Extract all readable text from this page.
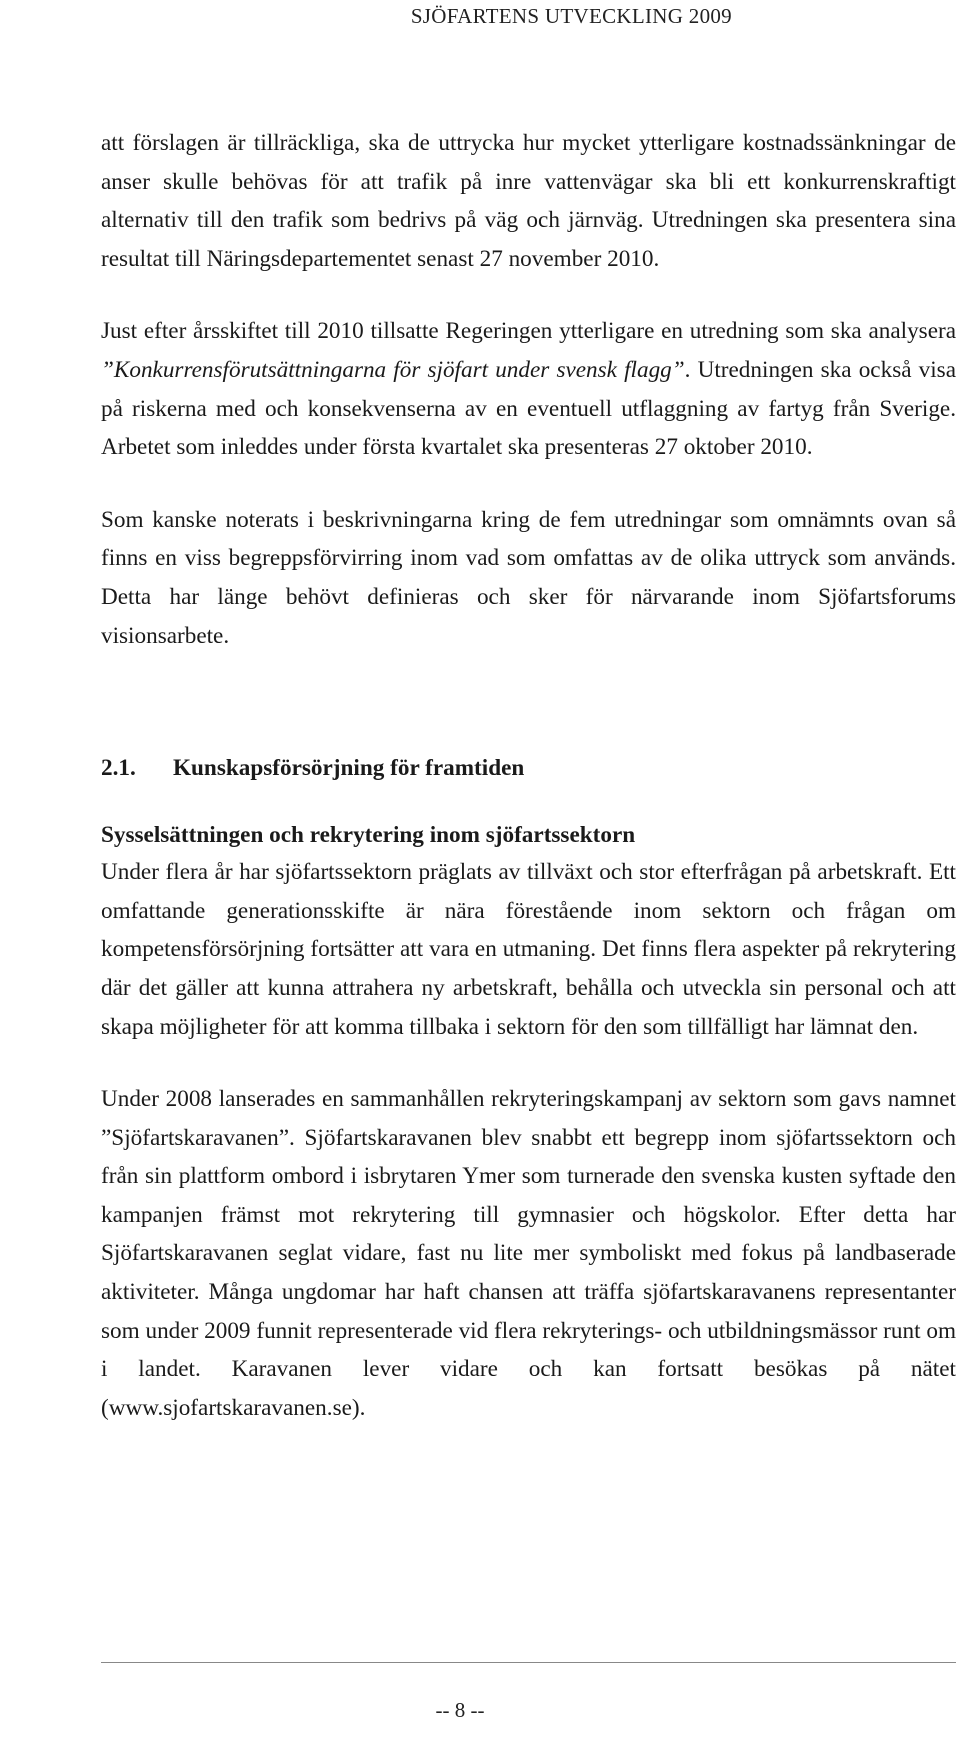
SJÖFARTENS UTVECKLING 2009

att förslagen är tillräckliga, ska de uttrycka hur mycket ytterligare kostnadssänkningar de anser skulle behövas för att trafik på inre vattenvägar ska bli ett konkurrenskraftigt alternativ till den trafik som bedrivs på väg och järnväg. Utredningen ska presentera sina resultat till Näringsdepartementet senast 27 november 2010.

Just efter årsskiftet till 2010 tillsatte Regeringen ytterligare en utredning som ska analysera ”Konkurrensförutsättningarna för sjöfart under svensk flagg”. Utredningen ska också visa på riskerna med och konsekvenserna av en eventuell utflaggning av fartyg från Sverige. Arbetet som inleddes under första kvartalet ska presenteras 27 oktober 2010.

Som kanske noterats i beskrivningarna kring de fem utredningar som omnämnts ovan så finns en viss begreppsförvirring inom vad som omfattas av de olika uttryck som används. Detta har länge behövt definieras och sker för närvarande inom Sjöfartsforums visionsarbete.

2.1.	Kunskapsförsörjning för framtiden
Sysselsättningen och rekrytering inom sjöfartssektorn

Under flera år har sjöfartssektorn präglats av tillväxt och stor efterfrågan på arbetskraft. Ett omfattande generationsskifte är nära förestående inom sektorn och frågan om kompetensförsörjning fortsätter att vara en utmaning. Det finns flera aspekter på rekrytering där det gäller att kunna attrahera ny arbetskraft, behålla och utveckla sin personal och att skapa möjligheter för att komma tillbaka i sektorn för den som tillfälligt har lämnat den.

Under 2008 lanserades en sammanhållen rekryteringskampanj av sektorn som gavs namnet ”Sjöfartskaravanen”. Sjöfartskaravanen blev snabbt ett begrepp inom sjöfartssektorn och från sin plattform ombord i isbrytaren Ymer som turnerade den svenska kusten syftade den kampanjen främst mot rekrytering till gymnasier och högskolor. Efter detta har Sjöfartskaravanen seglat vidare, fast nu lite mer symboliskt med fokus på landbaserade aktiviteter. Många ungdomar har haft chansen att träffa sjöfartskaravanens representanter som under 2009 funnit representerade vid flera rekryterings- och utbildningsmässor runt om i landet. Karavanen lever vidare och kan fortsatt besökas på nätet (www.sjofartskaravanen.se).

-- 8 --
